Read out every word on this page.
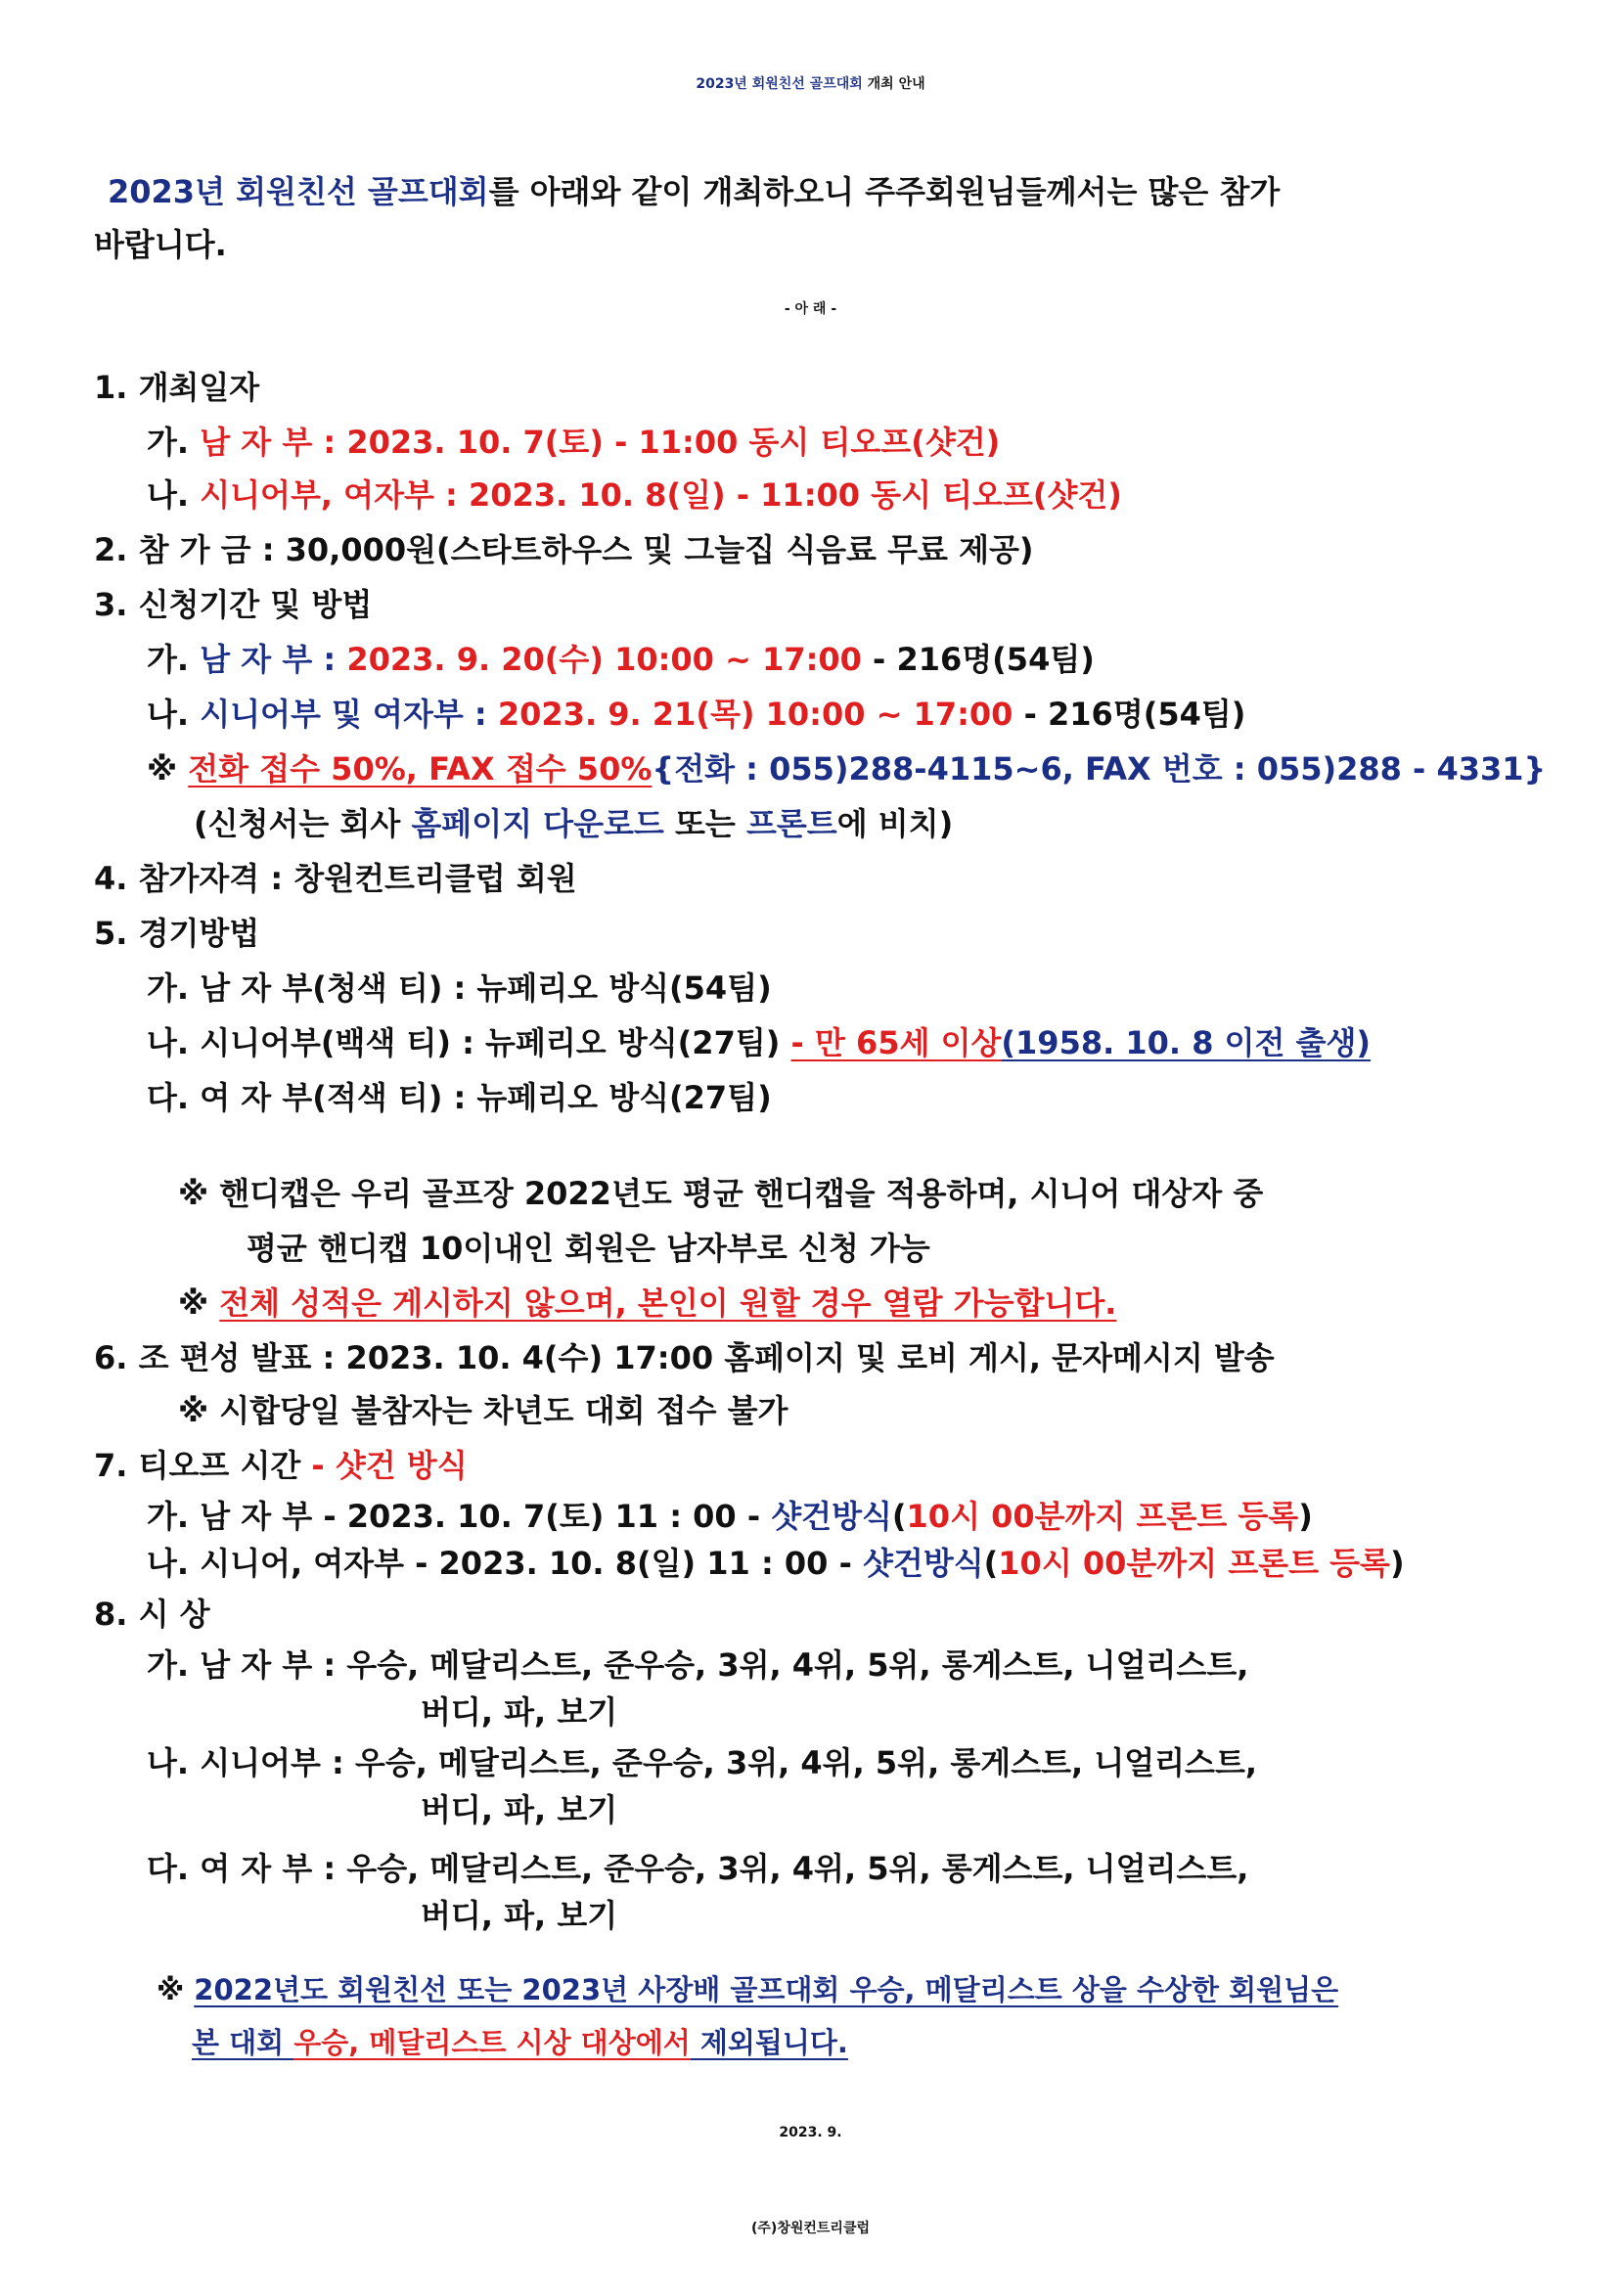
2023년 회원친선 골프대회 개최 안내
2023년 회원친선 골프대회를 아래와 같이 개최하오니 주주회원님들께서는 많은 참가
바랍니다.
- 아 래 -
1. 개최일자
가. 남 자 부 : 2023. 10. 7(토) - 11:00 동시 티오프(샷건)
나. 시니어부, 여자부 : 2023. 10. 8(일) - 11:00 동시 티오프(샷건)
2. 참 가 금 : 30,000원(스타트하우스 및 그늘집 식음료 무료 제공)
3. 신청기간 및 방법
가. 남 자 부 : 2023. 9. 20(수) 10:00 ~ 17:00 - 216명(54팀)
나. 시니어부 및 여자부 : 2023. 9. 21(목) 10:00 ~ 17:00 - 216명(54팀)
※ 전화 접수 50%, FAX 접수 50%{전화 : 055)288-4115~6, FAX 번호 : 055)288 - 4331}
(신청서는 회사 홈페이지 다운로드 또는 프론트에 비치)
4. 참가자격 : 창원컨트리클럽 회원
5. 경기방법
가. 남 자 부(청색 티) : 뉴페리오 방식(54팀)
나. 시니어부(백색 티) : 뉴페리오 방식(27팀) - 만 65세 이상(1958. 10. 8 이전 출생)
다. 여 자 부(적색 티) : 뉴페리오 방식(27팀)
※ 핸디캡은 우리 골프장 2022년도 평균 핸디캡을 적용하며, 시니어 대상자 중
평균 핸디캡 10이내인 회원은 남자부로 신청 가능
※ 전체 성적은 게시하지 않으며, 본인이 원할 경우 열람 가능합니다.
6. 조 편성 발표 : 2023. 10. 4(수) 17:00 홈페이지 및 로비 게시, 문자메시지 발송
※ 시합당일 불참자는 차년도 대회 접수 불가
7. 티오프 시간 - 샷건 방식
가. 남 자 부 - 2023. 10. 7(토) 11 : 00 - 샷건방식(10시 00분까지 프론트 등록)
나. 시니어, 여자부 - 2023. 10. 8(일) 11 : 00 - 샷건방식(10시 00분까지 프론트 등록)
8. 시 상
가. 남 자 부 : 우승, 메달리스트, 준우승, 3위, 4위, 5위, 롱게스트, 니얼리스트,
버디, 파, 보기
나. 시니어부 : 우승, 메달리스트, 준우승, 3위, 4위, 5위, 롱게스트, 니얼리스트,
버디, 파, 보기
다. 여 자 부 : 우승, 메달리스트, 준우승, 3위, 4위, 5위, 롱게스트, 니얼리스트,
버디, 파, 보기
※ 2022년도 회원친선 또는 2023년 사장배 골프대회 우승, 메달리스트 상을 수상한 회원님은
본 대회 우승, 메달리스트 시상 대상에서 제외됩니다.
2023. 9.
(주)창원컨트리클럽
